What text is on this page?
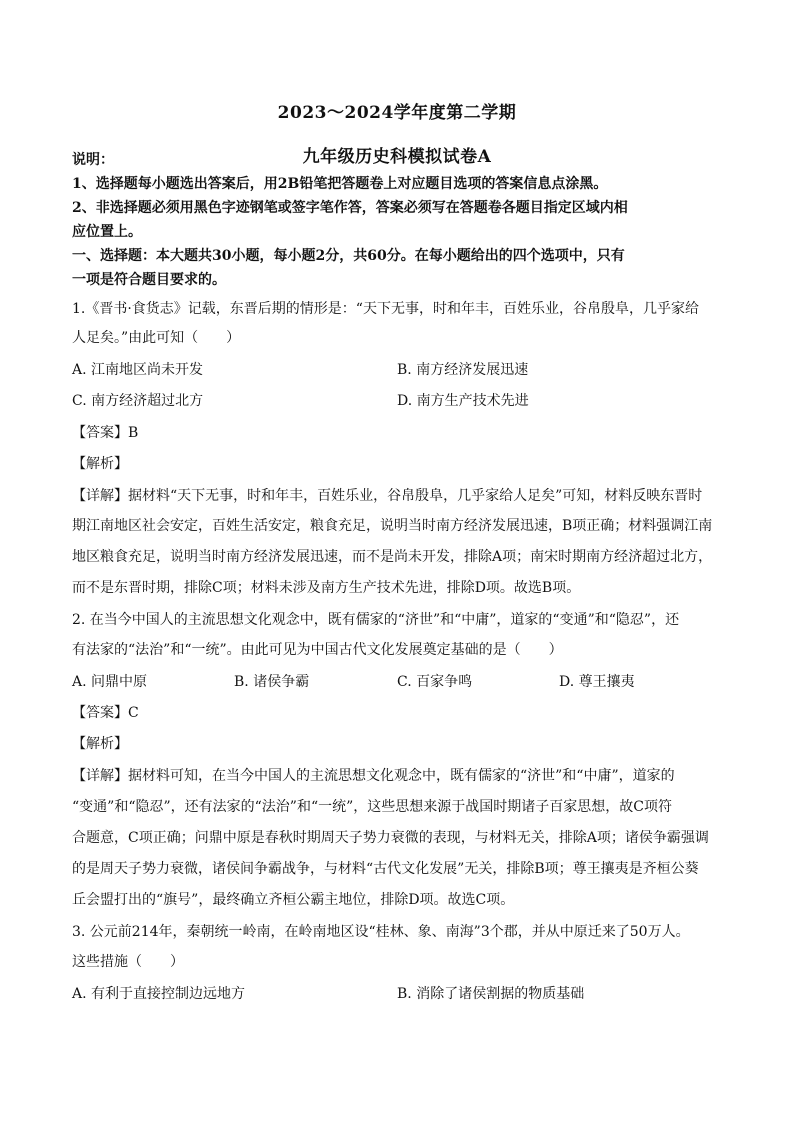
2023～2024学年度第二学期
九年级历史科模拟试卷A
说明：
1、选择题每小题选出答案后，用2B铅笔把答题卷上对应题目选项的答案信息点涂黑。
2、非选择题必须用黑色字迹钢笔或签字笔作答，答案必须写在答题卷各题目指定区域内相
应位置上。
一、选择题：本大题共30小题，每小题2分，共60分。在每小题给出的四个选项中，只有
一项是符合题目要求的。
1.《晋书·食货志》记载，东晋后期的情形是：“天下无事，时和年丰，百姓乐业，谷帛殷阜，几乎家给
人足矣。”由此可知（　　）
A. 江南地区尚未开发	B. 南方经济发展迅速
C. 南方经济超过北方	D. 南方生产技术先进
【答案】B
【解析】
【详解】据材料“天下无事，时和年丰，百姓乐业，谷帛殷阜，几乎家给人足矣”可知，材料反映东晋时
期江南地区社会安定，百姓生活安定，粮食充足，说明当时南方经济发展迅速，B项正确；材料强调江南
地区粮食充足，说明当时南方经济发展迅速，而不是尚未开发，排除A项；南宋时期南方经济超过北方，
而不是东晋时期，排除C项；材料未涉及南方生产技术先进，排除D项。故选B项。
2. 在当今中国人的主流思想文化观念中，既有儒家的“济世”和“中庸”，道家的“变通”和“隐忍”，还
有法家的“法治”和“一统”。由此可见为中国古代文化发展奠定基础的是（　　）
A. 问鼎中原	B. 诸侯争霸	C. 百家争鸣	D. 尊王攘夷
【答案】C
【解析】
【详解】据材料可知，在当今中国人的主流思想文化观念中，既有儒家的“济世”和“中庸”，道家的
“变通”和“隐忍”，还有法家的“法治”和“一统”，这些思想来源于战国时期诸子百家思想，故C项符
合题意，C项正确；问鼎中原是春秋时期周天子势力衰微的表现，与材料无关，排除A项；诸侯争霸强调
的是周天子势力衰微，诸侯间争霸战争，与材料“古代文化发展”无关，排除B项；尊王攘夷是齐桓公葵
丘会盟打出的“旗号”，最终确立齐桓公霸主地位，排除D项。故选C项。
3. 公元前214年，秦朝统一岭南，在岭南地区设“桂林、象、南海”3个郡，并从中原迁来了50万人。
这些措施（　　）
A. 有利于直接控制边远地方	B. 消除了诸侯割据的物质基础
